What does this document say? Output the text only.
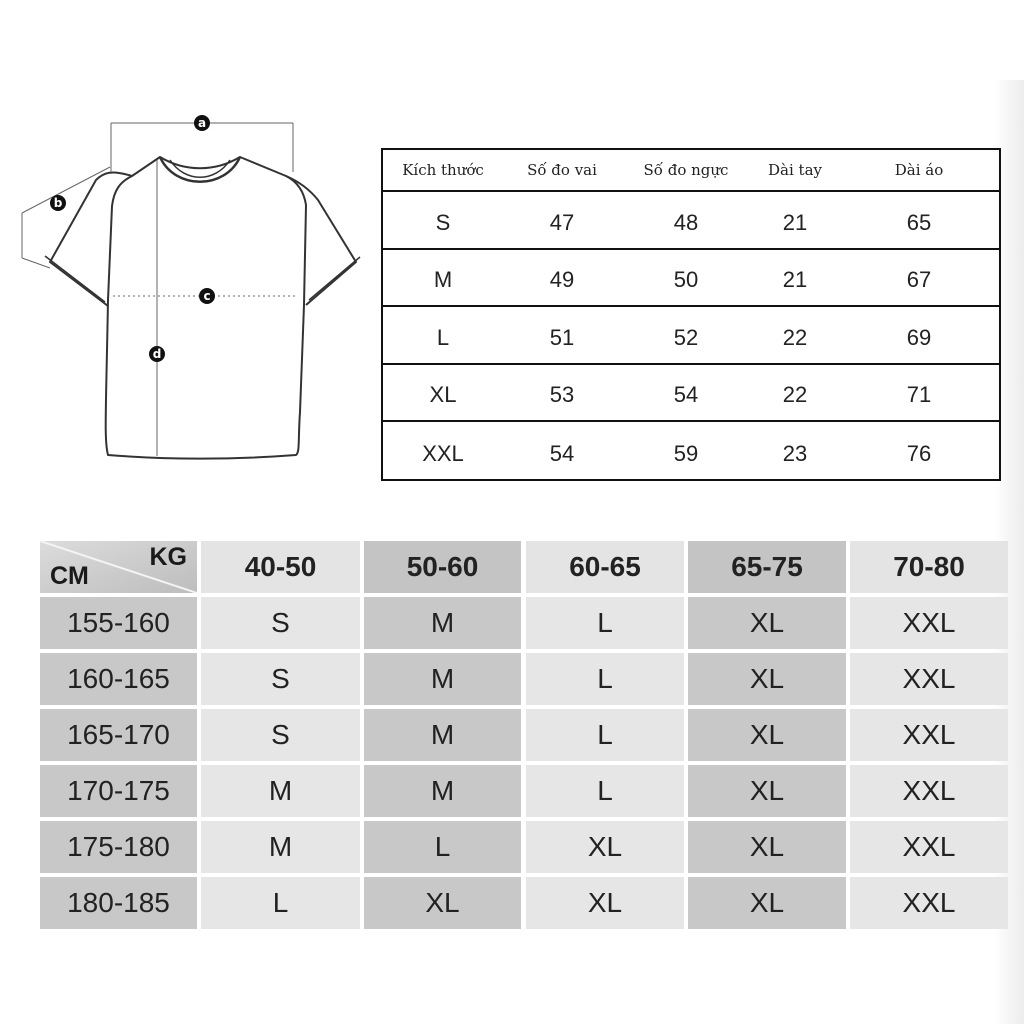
a
b
c
d
Kích thước	Số đo vai	Số đo ngực	Dài tay	Dài áo
S	47	48	21	65
M	49	50	21	67
L	51	52	22	69
XL	53	54	22	71
XXL	54	59	23	76
KG
CM	40-50	50-60	60-65	65-75	70-80
155-160	S	M	L	XL	XXL
160-165	S	M	L	XL	XXL
165-170	S	M	L	XL	XXL
170-175	M	M	L	XL	XXL
175-180	M	L	XL	XL	XXL
180-185	L	XL	XL	XL	XXL
